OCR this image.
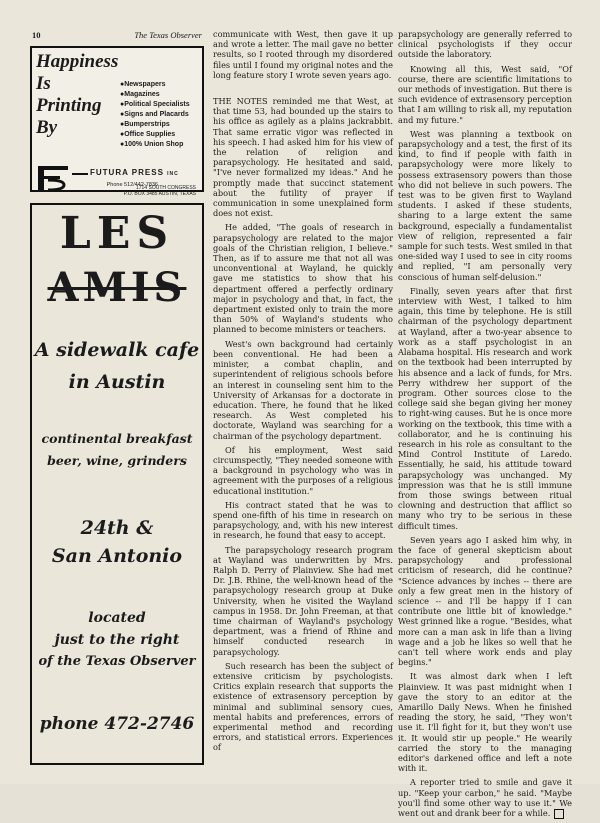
10	The Texas Observer
Happiness
Is
Printing
By
● Newspapers
● Magazines
● Political Specialists
● Signs and Placards
● Bumperstrips
● Office Supplies
● 100% Union Shop
FUTURA PRESS INC
Phone 512/442-7836
1714 SOUTH CONGRESS
P.O. BOX 3485 AUSTIN, TEXAS
LES
AMIS
A sidewalk cafe
in Austin
continental breakfast
beer, wine, grinders
24th &
San Antonio
located
just to the right
of the Texas Observer
phone 472-2746

communicate with West, then gave it up and wrote a letter. The mail gave no better results, so I rooted through my disordered files until I found my original notes and the long feature story I wrote seven years ago.

THE NOTES reminded me that West, at that time 53, had bounded up the stairs to his office as agilely as a plains jackrabbit. That same erratic vigor was reflected in his speech. I had asked him for his view of the relation of religion and parapsychology. He hesitated and said, "I've never formalized my ideas." And he promptly made that succinct statement about the futility of prayer if communication in some unexplained form does not exist.

He added, "The goals of research in parapsychology are related to the major goals of the Christian religion, I believe." Then, as if to assure me that not all was unconventional at Wayland, he quickly gave me statistics to show that his department offered a perfectly ordinary major in psychology and that, in fact, the department existed only to train the more than 50% of Wayland's students who planned to become ministers or teachers.

West's own background had certainly been conventional. He had been a minister, a combat chaplin, and superintendent of religious schools before an interest in counseling sent him to the University of Arkansas for a doctorate in education. There, he found that he liked research. As West completed his doctorate, Wayland was searching for a chairman of the psychology department.

Of his employment, West said circumspectly, "They needed someone with a background in psychology who was in agreement with the purposes of a religious educational institution."

His contract stated that he was to spend one-fifth of his time in research on parapsychology, and, with his new interest in research, he found that easy to accept.

The parapsychology research program at Wayland was underwritten by Mrs. Ralph D. Perry of Plainview. She had met Dr. J.B. Rhine, the well-known head of the parapsychology research group at Duke University, when he visited the Wayland campus in 1958. Dr. John Freeman, at that time chairman of Wayland's psychology department, was a friend of Rhine and himself conducted research in parapsychology.

Such research has been the subject of extensive criticism by psychologists. Critics explain research that supports the existence of extrasensory perception by minimal and subliminal sensory cues, mental habits and preferences, errors of experimental method and recording errors, and statistical errors. Experiences of

parapsychology are generally referred to clinical psychologists if they occur outside the laboratory.

Knowing all this, West said, "Of course, there are scientific limitations to our methods of investigation. But there is such evidence of extrasensory perception that I am willing to risk all, my reputation and my future."

West was planning a textbook on parapsychology and a test, the first of its kind, to find if people with faith in parapsychology were more likely to possess extrasensory powers than those who did not believe in such powers. The test was to be given first to Wayland students. I asked if these students, sharing to a large extent the same background, especially a fundamentalist view of religion, represented a fair sample for such tests. West smiled in that one-sided way I used to see in city rooms and replied, "I am personally very conscious of human self-delusion."

Finally, seven years after that first interview with West, I talked to him again, this time by telephone. He is still chairman of the psychology department at Wayland, after a two-year absence to work as a staff psychologist in an Alabama hospital. His research and work on the textbook had been interrupted by his absence and a lack of funds, for Mrs. Perry withdrew her support of the program. Other sources close to the college said she began giving her money to right-wing causes. But he is once more working on the textbook, this time with a collaborator, and he is continuing his research in his role as consultant to the Mind Control Institute of Laredo. Essentially, he said, his attitude toward parapsychology was unchanged. My impression was that he is still immune from those swings between ritual clowning and destruction that afflict so many who try to be serious in these difficult times.

Seven years ago I asked him why, in the face of general skepticism about parapsychology and professional criticism of research, did he continue? "Science advances by inches -- there are only a few great men in the history of science -- and I'll be happy if I can contribute one little bit of knowledge." West grinned like a rogue. "Besides, what more can a man ask in life than a living wage and a job he likes so well that he can't tell where work ends and play begins."

It was almost dark when I left Plainview. It was past midnight when I gave the story to an editor at the Amarillo Daily News. When he finished reading the story, he said, "They won't use it. I'll fight for it, but they won't use it. It would stir up people." He wearily carried the story to the managing editor's darkened office and left a note with it.

A reporter tried to smile and gave it up. "Keep your carbon," he said. "Maybe you'll find some other way to use it." We went out and drank beer for a while.
